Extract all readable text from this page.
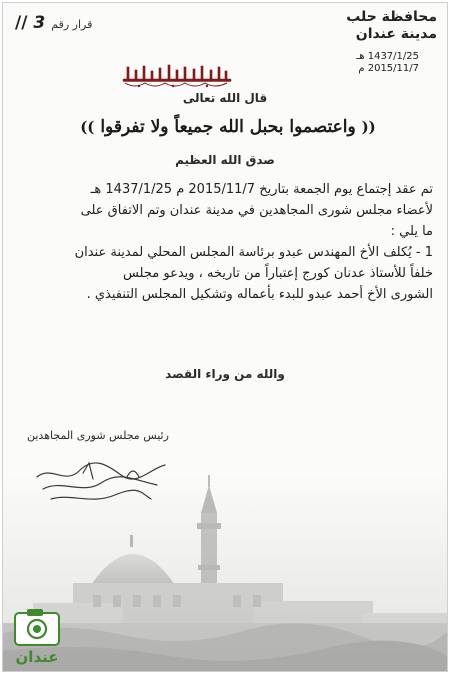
قرار رقم
3
//	محافظة حلب
مدينة عندان
1437/1/25 هـ
2015/11/7 م
قال الله تعالى
(( واعتصموا بحبل الله جميعاً ولا تفرقوا ))
صدق الله العظيم

تم عقد إجتماع يوم الجمعة بتاريخ 2015/11/7 م 1437/1/25 هـ

لأعضاء مجلس شورى المجاهدين في مدينة عندان وتم الاتفاق على

ما يلي :

1 - يُكلف الأخ المهندس عبدو برئاسة المجلس المحلي لمدينة عندان

خلفاً للأستاذ عدنان كورج إعتباراً من تاريخه ، ويدعو مجلس

الشورى الأخ أحمد عبدو للبدء بأعماله وتشكيل المجلس التنفيذي .

والله من وراء القصد
رئيس مجلس شورى المجاهدين
عندان
